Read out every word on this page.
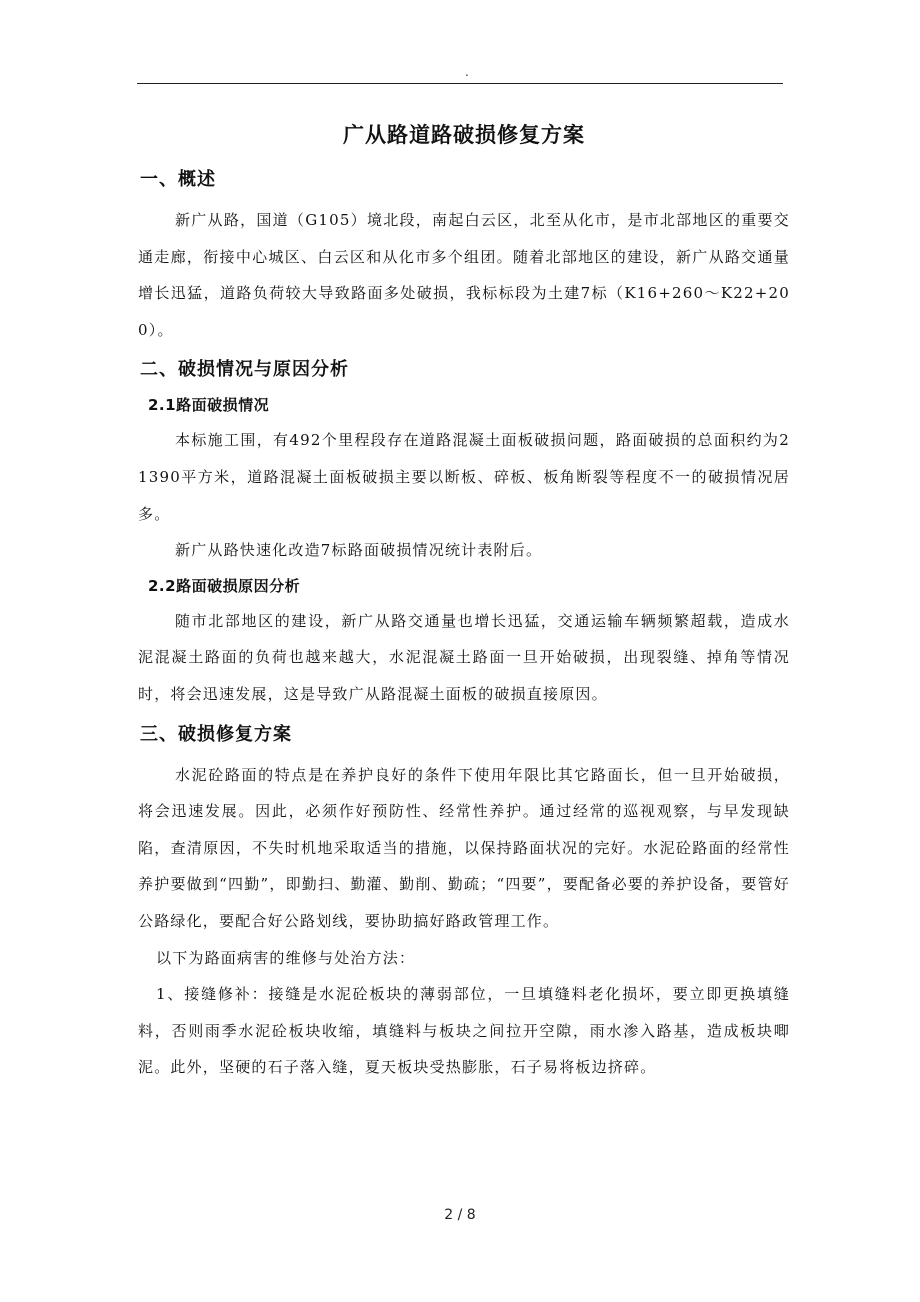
.
广从路道路破损修复方案
一、概述

新广从路，国道（G105）境北段，南起白云区，北至从化市，是市北部地区的重要交通走廊，衔接中心城区、白云区和从化市多个组团。随着北部地区的建设，新广从路交通量增长迅猛，道路负荷较大导致路面多处破损，我标标段为土建7标（K16+260～K22+200）。

二、破损情况与原因分析
2.1路面破损情况

本标施工围，有492个里程段存在道路混凝土面板破损问题，路面破损的总面积约为21390平方米，道路混凝土面板破损主要以断板、碎板、板角断裂等程度不一的破损情况居多。

新广从路快速化改造7标路面破损情况统计表附后。

2.2路面破损原因分析

随市北部地区的建设，新广从路交通量也增长迅猛，交通运输车辆频繁超载，造成水泥混凝土路面的负荷也越来越大，水泥混凝土路面一旦开始破损，出现裂缝、掉角等情况时，将会迅速发展，这是导致广从路混凝土面板的破损直接原因。

三、破损修复方案

水泥砼路面的特点是在养护良好的条件下使用年限比其它路面长，但一旦开始破损，将会迅速发展。因此，必须作好预防性、经常性养护。通过经常的巡视观察，与早发现缺陷，查清原因，不失时机地采取适当的措施，以保持路面状况的完好。水泥砼路面的经常性养护要做到“四勤”，即勤扫、勤灌、勤削、勤疏；“四要”，要配备必要的养护设备，要管好公路绿化，要配合好公路划线，要协助搞好路政管理工作。

以下为路面病害的维修与处治方法：

1、接缝修补：接缝是水泥砼板块的薄弱部位，一旦填缝料老化损坏，要立即更换填缝料，否则雨季水泥砼板块收缩，填缝料与板块之间拉开空隙，雨水渗入路基，造成板块唧泥。此外，坚硬的石子落入缝，夏天板块受热膨胀，石子易将板边挤碎。

2 / 8
